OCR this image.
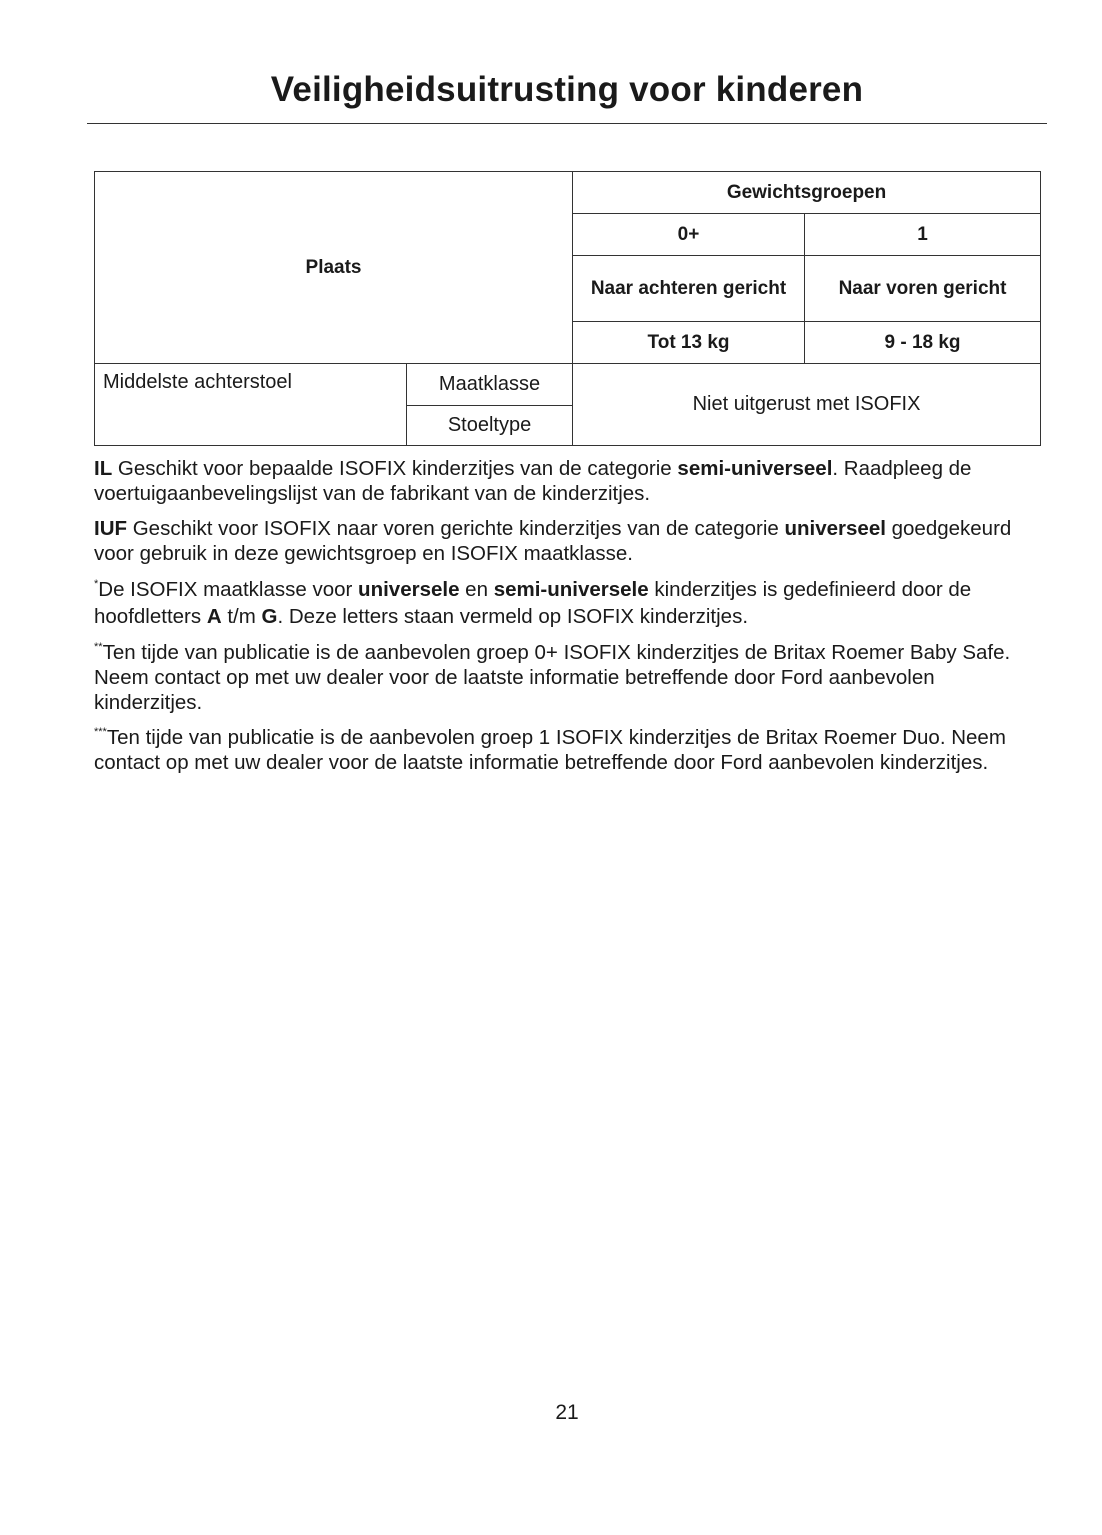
Veiligheidsuitrusting voor kinderen
Plaats		Gewichtsgroepen	
		0+	1
		Naar achteren gericht	Naar voren gericht
		Tot 13 kg	9 - 18 kg
Middelste achterstoel	Maatklasse	Niet uitgerust met ISOFIX	
	Stoeltype		

IL Geschikt voor bepaalde ISOFIX kinderzitjes van de categorie semi-universeel. Raadpleeg de voertuigaanbevelingslijst van de fabrikant van de kinderzitjes.

IUF Geschikt voor ISOFIX naar voren gerichte kinderzitjes van de categorie universeel goedgekeurd voor gebruik in deze gewichtsgroep en ISOFIX maatklasse.

*De ISOFIX maatklasse voor universele en semi-universele kinderzitjes is gedefinieerd door de hoofdletters A t/m G. Deze letters staan vermeld op ISOFIX kinderzitjes.

**Ten tijde van publicatie is de aanbevolen groep 0+ ISOFIX kinderzitjes de Britax Roemer Baby Safe. Neem contact op met uw dealer voor de laatste informatie betreffende door Ford aanbevolen kinderzitjes.

***Ten tijde van publicatie is de aanbevolen groep 1 ISOFIX kinderzitjes de Britax Roemer Duo. Neem contact op met uw dealer voor de laatste informatie betreffende door Ford aanbevolen kinderzitjes.

21
